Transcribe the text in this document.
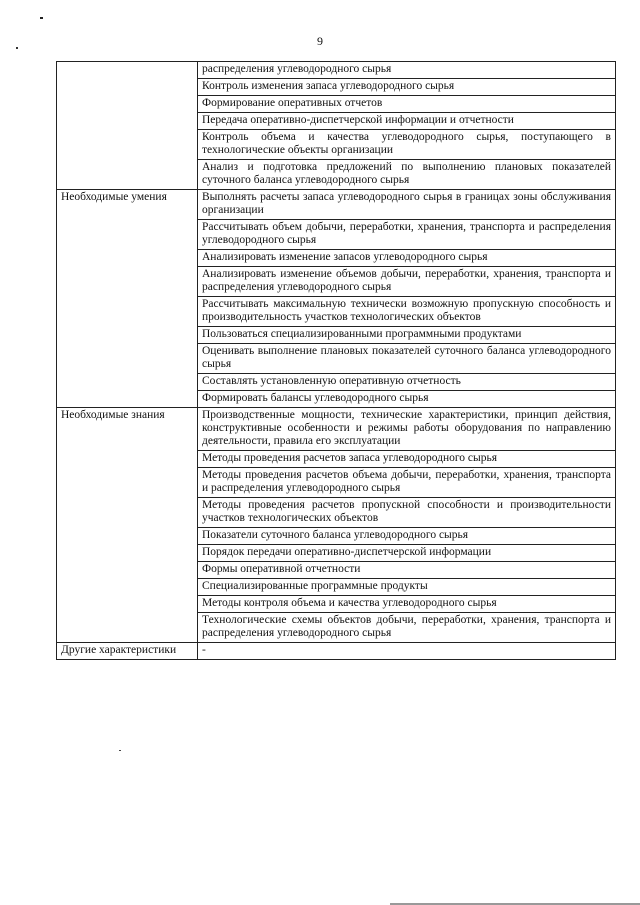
9
	распределения углеводородного сырья
	Контроль изменения запаса углеводородного сырья
	Формирование оперативных отчетов
	Передача оперативно-диспетчерской информации и отчетности
	Контроль объема и качества углеводородного сырья, поступающего в технологические объекты организации
	Анализ и подготовка предложений по выполнению плановых показателей суточного баланса углеводородного сырья
Необходимые умения	Выполнять расчеты запаса углеводородного сырья в границах зоны обслуживания организации
	Рассчитывать объем добычи, переработки, хранения, транспорта и распределения углеводородного сырья
	Анализировать изменение запасов углеводородного сырья
	Анализировать изменение объемов добычи, переработки, хранения, транспорта и распределения углеводородного сырья
	Рассчитывать максимальную технически возможную пропускную способность и производительность участков технологических объектов
	Пользоваться специализированными программными продуктами
	Оценивать выполнение плановых показателей суточного баланса углеводородного сырья
	Составлять установленную оперативную отчетность
	Формировать балансы углеводородного сырья
Необходимые знания	Производственные мощности, технические характеристики, принцип действия, конструктивные особенности и режимы работы оборудования по направлению деятельности, правила его эксплуатации
	Методы проведения расчетов запаса углеводородного сырья
	Методы проведения расчетов объема добычи, переработки, хранения, транспорта и распределения углеводородного сырья
	Методы проведения расчетов пропускной способности и производительности участков технологических объектов
	Показатели суточного баланса углеводородного сырья
	Порядок передачи оперативно-диспетчерской информации
	Формы оперативной отчетности
	Специализированные программные продукты
	Методы контроля объема и качества углеводородного сырья
	Технологические схемы объектов добычи, переработки, хранения, транспорта и распределения углеводородного сырья
Другие характеристики	-
